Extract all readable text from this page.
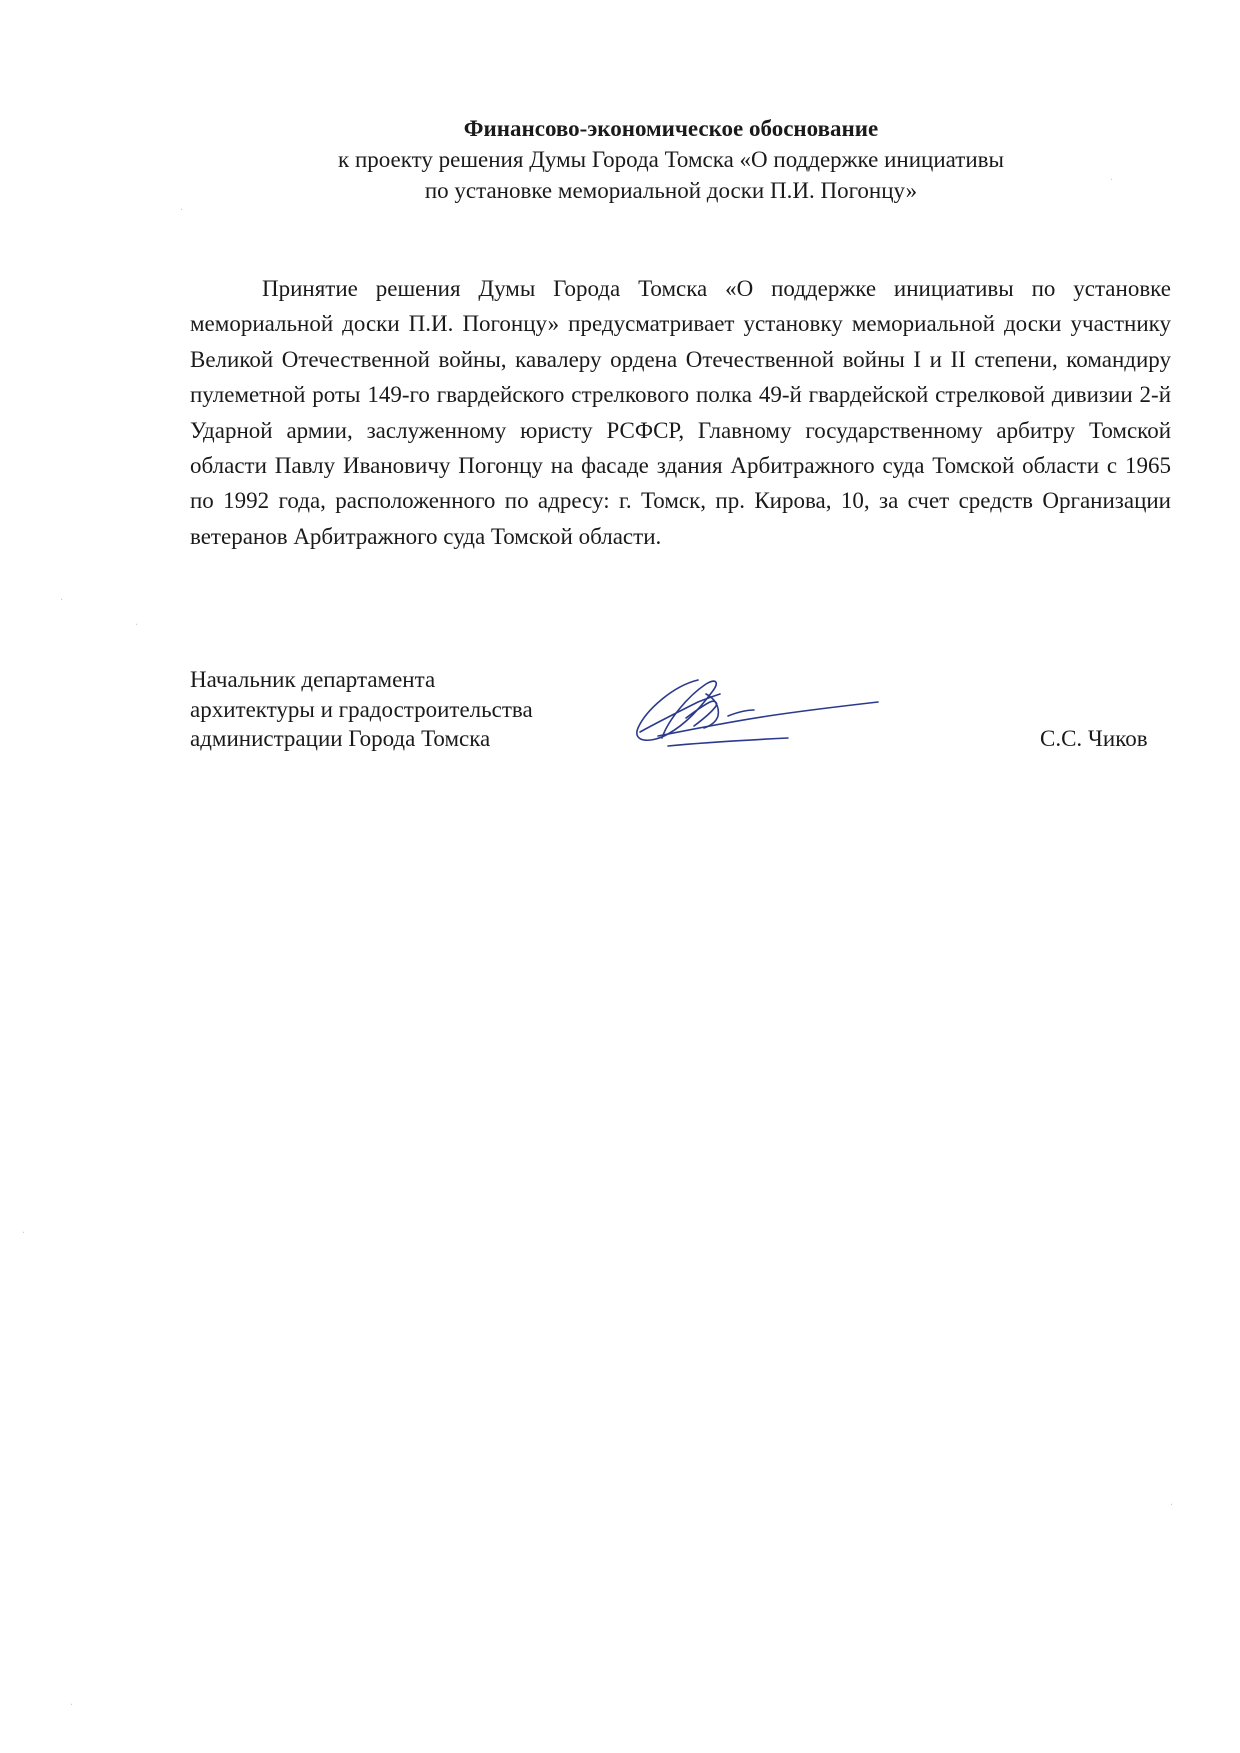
Финансово-экономическое обоснование
к проекту решения Думы Города Томска «О поддержке инициативы
по установке мемориальной доски П.И. Погонцу»

Принятие решения Думы Города Томска «О поддержке инициативы по установке мемориальной доски П.И. Погонцу» предусматривает установку мемориальной доски участнику Великой Отечественной войны, кавалеру ордена Отечественной войны I и II степени, командиру пулеметной роты 149-го гвардейского стрелкового полка 49-й гвардейской стрелковой дивизии 2-й Ударной армии, заслуженному юристу РСФСР, Главному государственному арбитру Томской области Павлу Ивановичу Погонцу на фасаде здания Арбитражного суда Томской области с 1965 по 1992 года, расположенного по адресу: г. Томск, пр. Кирова, 10, за счет средств Организации ветеранов Арбитражного суда Томской области.

Начальник департамента
архитектуры и градостроительства
администрации Города Томска	С.С. Чиков
·
·
·
·
·
·
·
